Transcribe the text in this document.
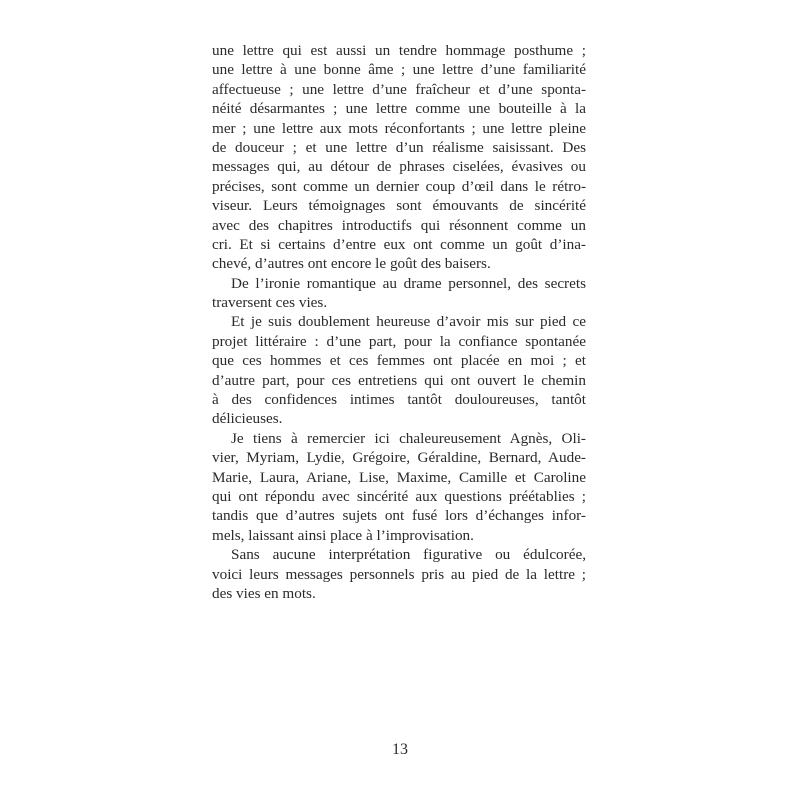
une lettre qui est aussi un tendre hommage posthume ;
une lettre à une bonne âme ; une lettre d’une familiarité
affectueuse ; une lettre d’une fraîcheur et d’une sponta-
néité désarmantes ; une lettre comme une bouteille à la
mer ; une lettre aux mots réconfortants ; une lettre pleine
de douceur ; et une lettre d’un réalisme saisissant. Des
messages qui, au détour de phrases ciselées, évasives ou
précises, sont comme un dernier coup d’œil dans le rétro-
viseur. Leurs témoignages sont émouvants de sincérité
avec des chapitres introductifs qui résonnent comme un
cri. Et si certains d’entre eux ont comme un goût d’ina-
chevé, d’autres ont encore le goût des baisers.
De l’ironie romantique au drame personnel, des secrets
traversent ces vies.
Et je suis doublement heureuse d’avoir mis sur pied ce
projet littéraire : d’une part, pour la confiance spontanée
que ces hommes et ces femmes ont placée en moi ; et
d’autre part, pour ces entretiens qui ont ouvert le chemin
à des confidences intimes tantôt douloureuses, tantôt
délicieuses.
Je tiens à remercier ici chaleureusement Agnès, Oli-
vier, Myriam, Lydie, Grégoire, Géraldine, Bernard, Aude-
Marie, Laura, Ariane, Lise, Maxime, Camille et Caroline
qui ont répondu avec sincérité aux questions préétablies ;
tandis que d’autres sujets ont fusé lors d’échanges infor-
mels, laissant ainsi place à l’improvisation.
Sans aucune interprétation figurative ou édulcorée,
voici leurs messages personnels pris au pied de la lettre ;
des vies en mots.
13
